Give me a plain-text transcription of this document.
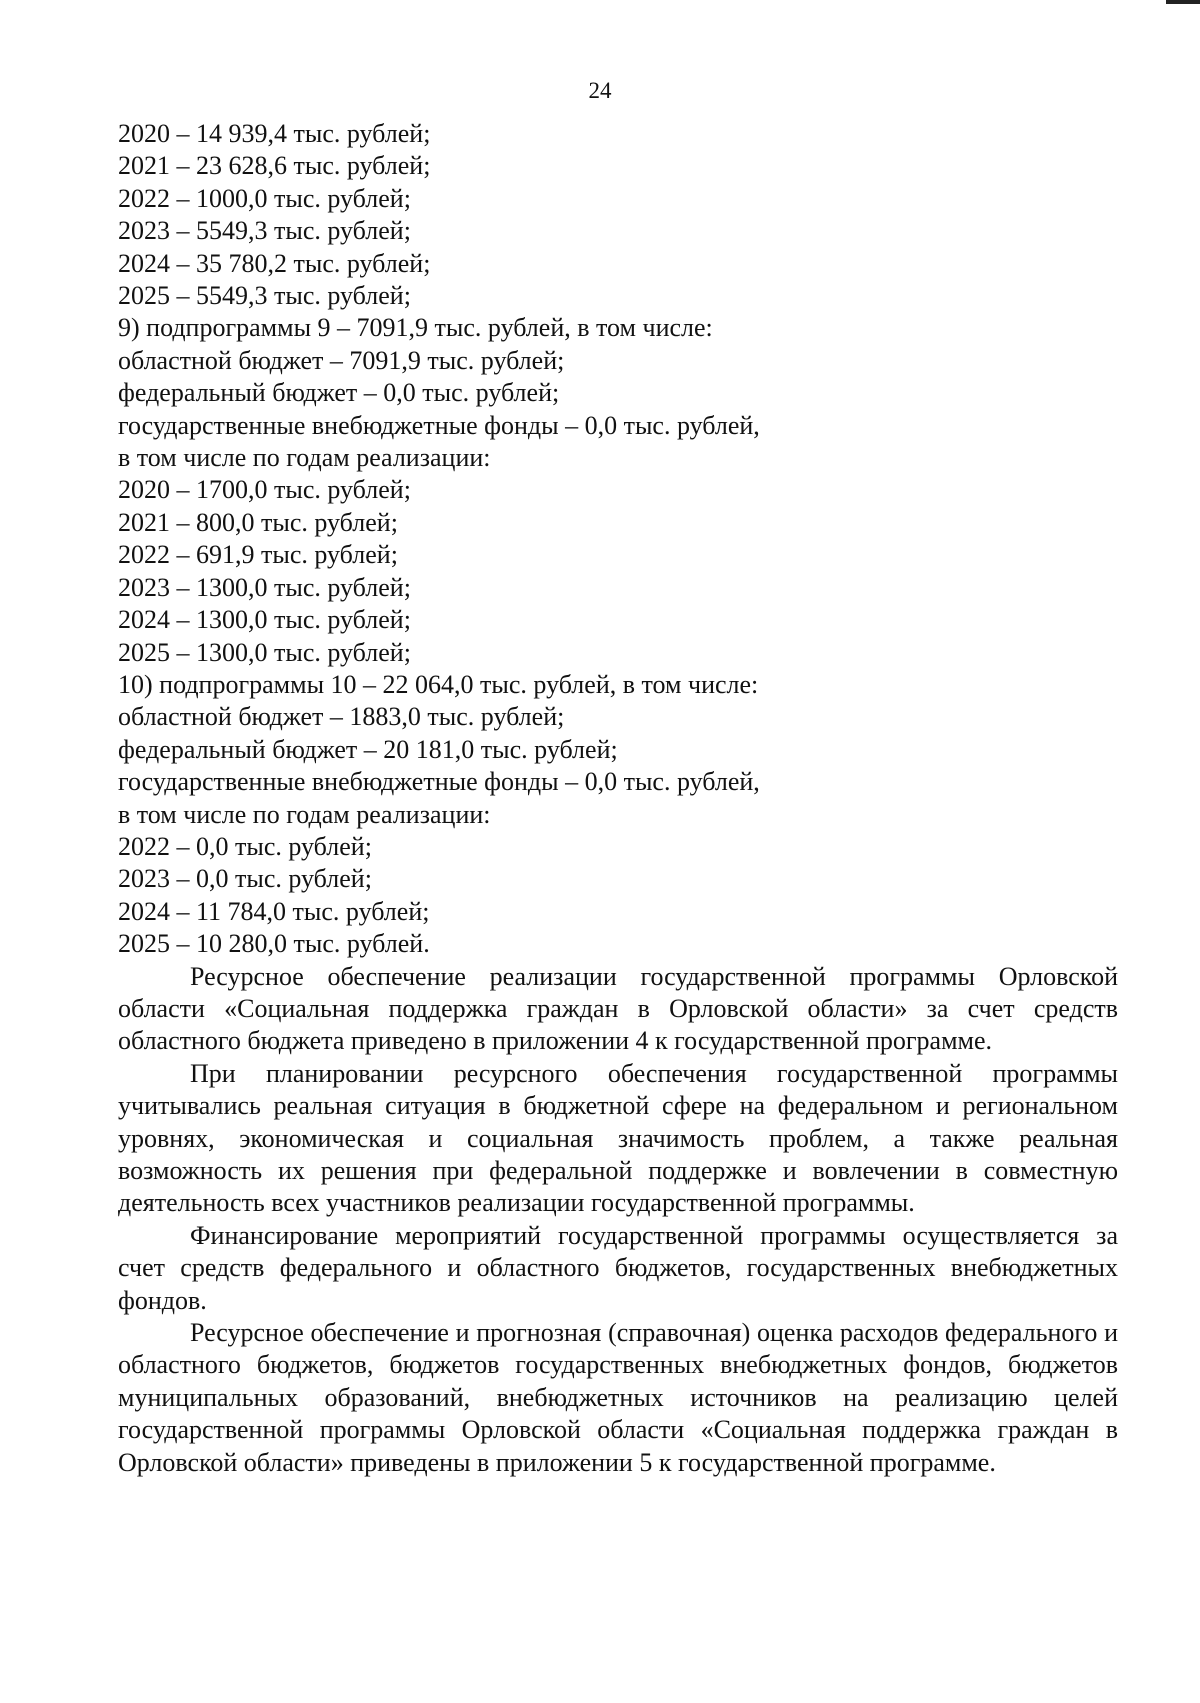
24
2020 – 14 939,4 тыс. рублей;
2021 – 23 628,6 тыс. рублей;
2022 – 1000,0 тыс. рублей;
2023 – 5549,3 тыс. рублей;
2024 – 35 780,2 тыс. рублей;
2025 – 5549,3 тыс. рублей;
9) подпрограммы 9 – 7091,9 тыс. рублей, в том числе:
областной бюджет – 7091,9 тыс. рублей;
федеральный бюджет – 0,0 тыс. рублей;
государственные внебюджетные фонды – 0,0 тыс. рублей,
в том числе по годам реализации:
2020 – 1700,0 тыс. рублей;
2021 – 800,0 тыс. рублей;
2022 – 691,9 тыс. рублей;
2023 – 1300,0 тыс. рублей;
2024 – 1300,0 тыс. рублей;
2025 – 1300,0 тыс. рублей;
10) подпрограммы 10 – 22 064,0 тыс. рублей, в том числе:
областной бюджет – 1883,0 тыс. рублей;
федеральный бюджет – 20 181,0 тыс. рублей;
государственные внебюджетные фонды – 0,0 тыс. рублей,
в том числе по годам реализации:
2022 – 0,0 тыс. рублей;
2023 – 0,0 тыс. рублей;
2024 – 11 784,0 тыс. рублей;
2025 – 10 280,0 тыс. рублей.

Ресурсное обеспечение реализации государственной программы Орловской области «Социальная поддержка граждан в Орловской области» за счет средств областного бюджета приведено в приложении 4 к государственной программе.

При планировании ресурсного обеспечения государственной программы учитывались реальная ситуация в бюджетной сфере на федеральном и региональном уровнях, экономическая и социальная значимость проблем, а также реальная возможность их решения при федеральной поддержке и вовлечении в совместную деятельность всех участников реализации государственной программы.

Финансирование мероприятий государственной программы осуществляется за счет средств федерального и областного бюджетов, государственных внебюджетных фондов.

Ресурсное обеспечение и прогнозная (справочная) оценка расходов федерального и областного бюджетов, бюджетов государственных внебюджетных фондов, бюджетов муниципальных образований, внебюджетных источников на реализацию целей государственной программы Орловской области «Социальная поддержка граждан в Орловской области» приведены в приложении 5 к государственной программе.
